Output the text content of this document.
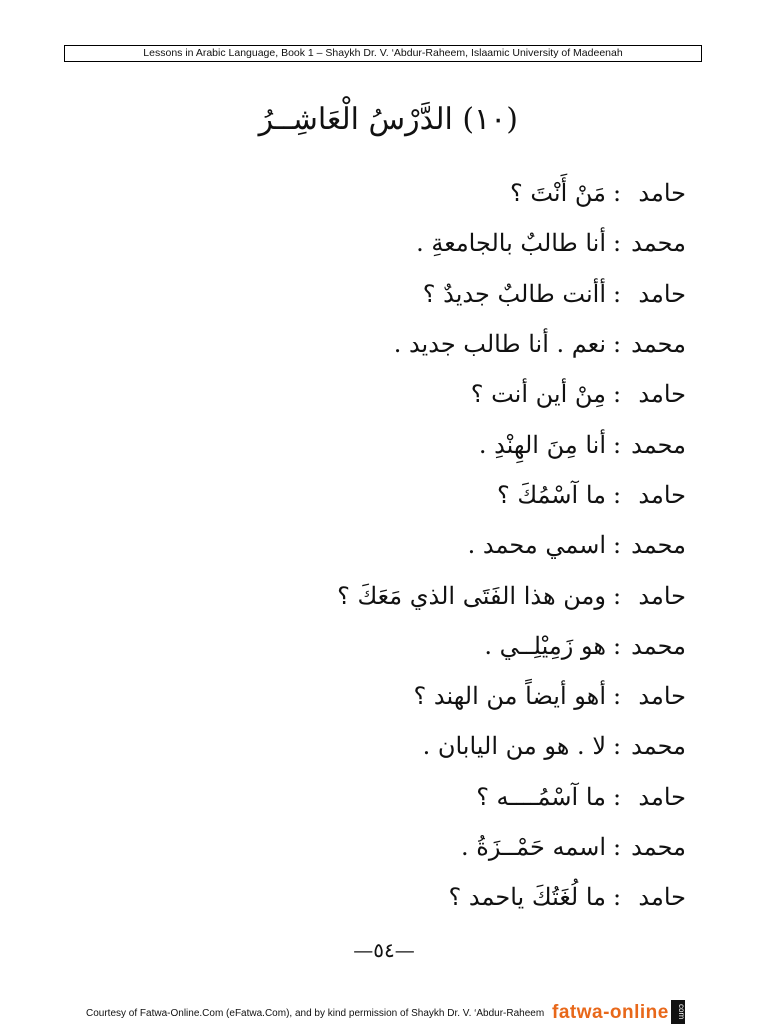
Lessons in Arabic Language, Book 1 – Shaykh Dr. V. ‘Abdur-Raheem, Islaamic University of Madeenah
(١٠) الدَّرْسُ الْعَاشِــرُ
حامد
:
مَنْ أَنْتَ ؟
محمد
:
أنا طالبٌ بالجامعةِ .
حامد
:
أأنت طالبٌ جديدٌ ؟
محمد
:
نعم . أنا طالب جديد .
حامد
:
مِنْ أين أنت ؟
محمد
:
أنا مِنَ الهِنْدِ .
حامد
:
ما آسْمُكَ ؟
محمد
:
اسمي محمد .
حامد
:
ومن هذا الفَتَى الذي مَعَكَ ؟
محمد
:
هو زَمِيْلِــي .
حامد
:
أهو أيضاً من الهند ؟
محمد
:
لا . هو من اليابان .
حامد
:
ما آسْمُــــه ؟
محمد
:
اسمه حَمْــزَةُ .
حامد
:
ما لُغَتُكَ ياحمد ؟
—٥٤—
Courtesy of Fatwa-Online.Com (eFatwa.Com), and by kind permission of Shaykh Dr. V. ‘Abdur-Raheem fatwa-online	com
